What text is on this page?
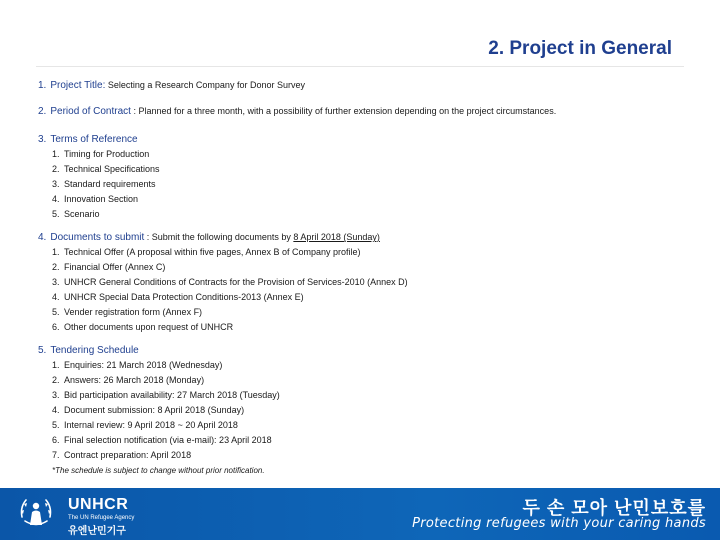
2. Project in General
1. Project Title: Selecting a Research Company for Donor Survey
2. Period of Contract : Planned for a three month, with a possibility of further extension depending on the project circumstances.
3. Terms of Reference
1. Timing for Production
2. Technical Specifications
3. Standard requirements
4. Innovation Section
5. Scenario
4. Documents to submit : Submit the following documents by 8 April 2018 (Sunday)
1. Technical Offer (A proposal within five pages, Annex B of Company profile)
2. Financial Offer (Annex C)
3. UNHCR General Conditions of Contracts for the Provision of Services-2010 (Annex D)
4. UNHCR Special Data Protection Conditions-2013 (Annex E)
5. Vender registration form (Annex F)
6. Other documents upon request of UNHCR
5. Tendering Schedule
1. Enquiries: 21 March 2018 (Wednesday)
2. Answers: 26 March 2018 (Monday)
3. Bid participation availability: 27 March 2018 (Tuesday)
4. Document submission: 8 April 2018 (Sunday)
5. Internal review: 9 April 2018 ~ 20 April 2018
6. Final selection notification (via e-mail): 23 April 2018
7. Contract preparation: April 2018
*The schedule is subject to change without prior notification.
UNHCR
The UN Refugee Agency
유엔난민기구
두 손 모아 난민보호를
Protecting refugees with your caring hands
